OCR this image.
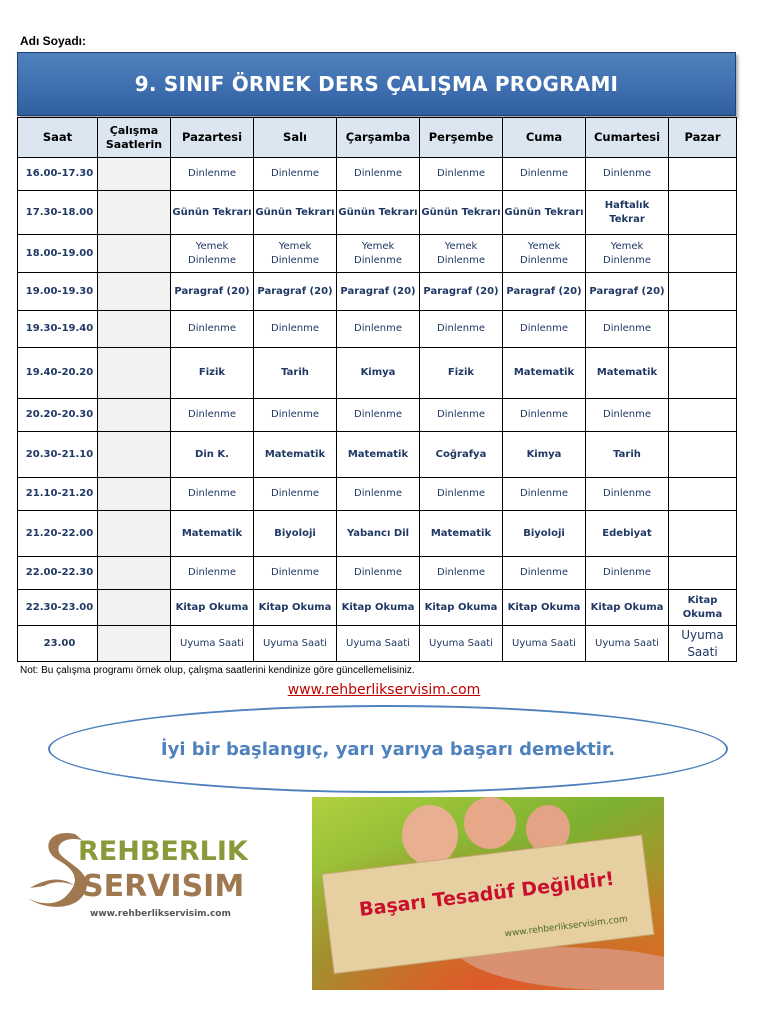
Adı Soyadı:
9. SINIF ÖRNEK DERS ÇALIŞMA PROGRAMI
Saat	Çalışma Saatlerin	Pazartesi	Salı	Çarşamba	Perşembe	Cuma	Cumartesi	Pazar
16.00-17.30		Dinlenme	Dinlenme	Dinlenme	Dinlenme	Dinlenme	Dinlenme	
17.30-18.00		Günün Tekrarı	Günün Tekrarı	Günün Tekrarı	Günün Tekrarı	Günün Tekrarı	Haftalık Tekrar	
18.00-19.00		Yemek Dinlenme	Yemek Dinlenme	Yemek Dinlenme	Yemek Dinlenme	Yemek Dinlenme	Yemek Dinlenme	
19.00-19.30		Paragraf (20)	Paragraf (20)	Paragraf (20)	Paragraf (20)	Paragraf (20)	Paragraf (20)	
19.30-19.40		Dinlenme	Dinlenme	Dinlenme	Dinlenme	Dinlenme	Dinlenme	
19.40-20.20		Fizik	Tarih	Kimya	Fizik	Matematik	Matematik	
20.20-20.30		Dinlenme	Dinlenme	Dinlenme	Dinlenme	Dinlenme	Dinlenme	
20.30-21.10		Din K.	Matematik	Matematik	Coğrafya	Kimya	Tarih	
21.10-21.20		Dinlenme	Dinlenme	Dinlenme	Dinlenme	Dinlenme	Dinlenme	
21.20-22.00		Matematik	Biyoloji	Yabancı Dil	Matematik	Biyoloji	Edebiyat	
22.00-22.30		Dinlenme	Dinlenme	Dinlenme	Dinlenme	Dinlenme	Dinlenme	
22.30-23.00		Kitap Okuma	Kitap Okuma	Kitap Okuma	Kitap Okuma	Kitap Okuma	Kitap Okuma	Kitap Okuma
23.00		Uyuma Saati	Uyuma Saati	Uyuma Saati	Uyuma Saati	Uyuma Saati	Uyuma Saati	Uyuma Saati
Not: Bu çalışma programı örnek olup, çalışma saatlerini kendinize göre güncellemelisiniz.
www.rehberlikservisim.com
İyi bir başlangıç, yarı yarıya başarı demektir.
REHBERLIK
SERVISIM
www.rehberlikservisim.com	Başarı Tesadüf Değildir!
www.rehberlikservisim.com
